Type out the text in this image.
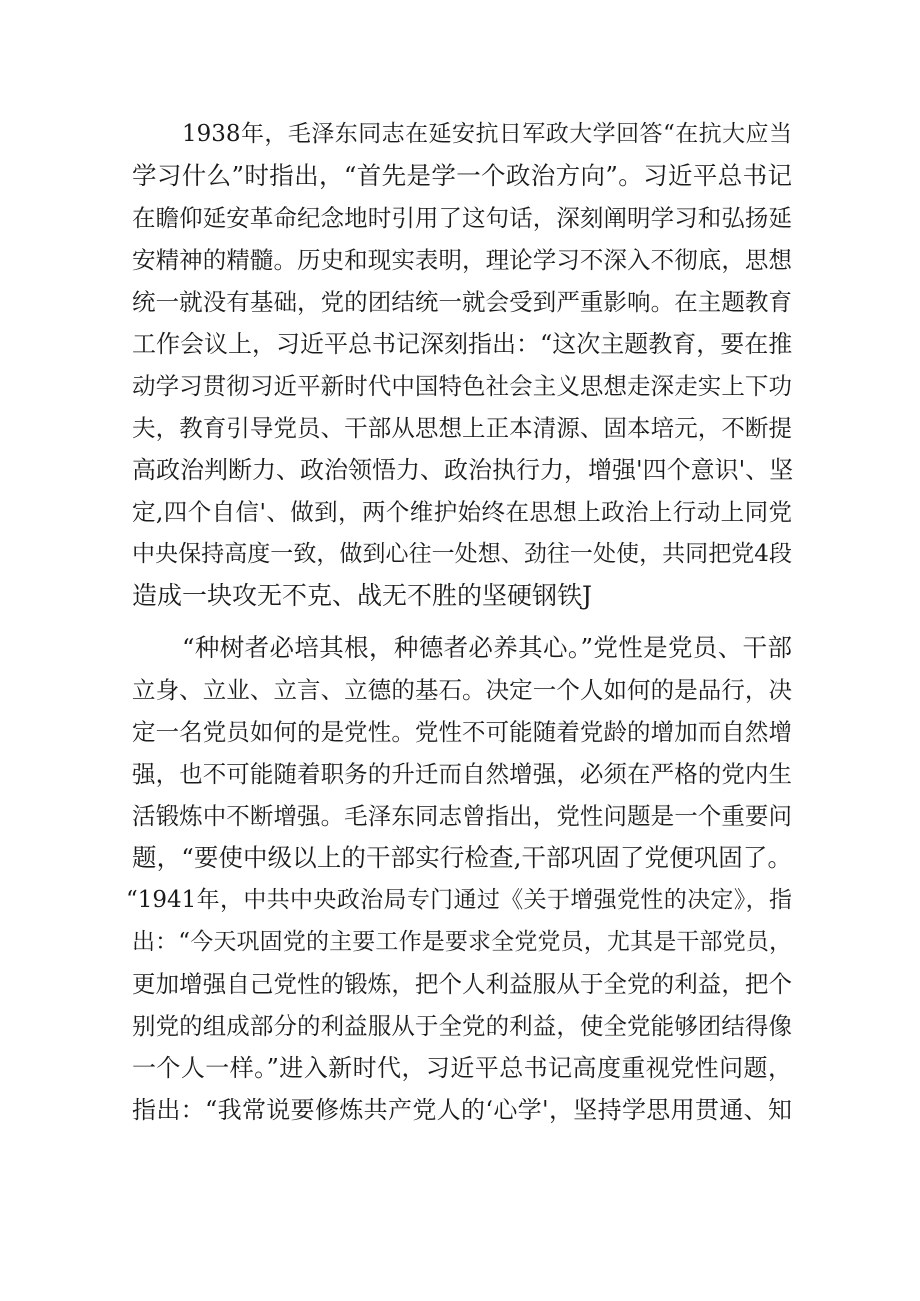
1938年，毛泽东同志在延安抗日军政大学回答“在抗大应当
学习什么”时指出，“首先是学一个政治方向”。习近平总书记
在瞻仰延安革命纪念地时引用了这句话，深刻阐明学习和弘扬延
安精神的精髓。历史和现实表明，理论学习不深入不彻底，思想
统一就没有基础，党的团结统一就会受到严重影响。在主题教育
工作会议上，习近平总书记深刻指出：“这次主题教育，要在推
动学习贯彻习近平新时代中国特色社会主义思想走深走实上下功
夫，教育引导党员、干部从思想上正本清源、固本培元，不断提
高政治判断力、政治领悟力、政治执行力，增强'四个意识'、坚
定,四个自信'、做到，两个维护始终在思想上政治上行动上同党
中央保持高度一致，做到心往一处想、劲往一处使，共同把党4段
造成一块攻无不克、战无不胜的坚硬钢铁J
“种树者必培其根，种德者必养其心。”党性是党员、干部
立身、立业、立言、立德的基石。决定一个人如何的是品行，决
定一名党员如何的是党性。党性不可能随着党龄的增加而自然增
强，也不可能随着职务的升迁而自然增强，必须在严格的党内生
活锻炼中不断增强。毛泽东同志曾指出，党性问题是一个重要问
题，“要使中级以上的干部实行检查,干部巩固了党便巩固了。
“1941年，中共中央政治局专门通过《关于增强党性的决定》，指
出：“今天巩固党的主要工作是要求全党党员，尤其是干部党员，
更加增强自己党性的锻炼，把个人利益服从于全党的利益，把个
别党的组成部分的利益服从于全党的利益，使全党能够团结得像
一个人一样。”进入新时代，习近平总书记高度重视党性问题，
指出：“我常说要修炼共产党人的‘心学'，坚持学思用贯通、知
